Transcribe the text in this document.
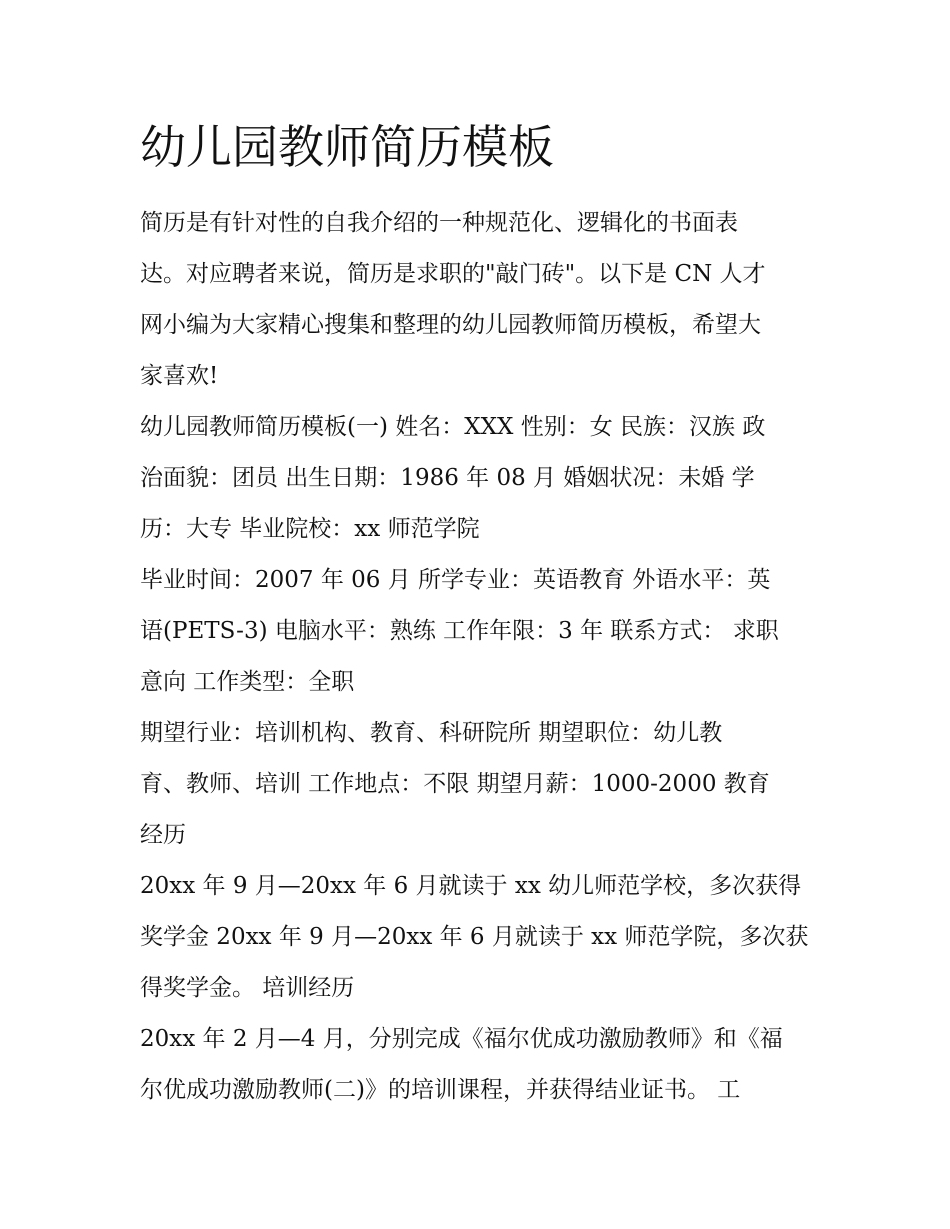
幼儿园教师简历模板
简历是有针对性的自我介绍的一种规范化、逻辑化的书面表
达。对应聘者来说，简历是求职的"敲门砖"。以下是 CN 人才
网小编为大家精心搜集和整理的幼儿园教师简历模板，希望大
家喜欢!
幼儿园教师简历模板(一) 姓名：XXX 性别：女 民族：汉族 政
治面貌：团员 出生日期：1986 年 08 月 婚姻状况：未婚 学
历：大专 毕业院校：xx 师范学院
毕业时间：2007 年 06 月 所学专业：英语教育 外语水平：英
语(PETS-3) 电脑水平：熟练 工作年限：3 年 联系方式： 求职
意向 工作类型：全职
期望行业：培训机构、教育、科研院所 期望职位：幼儿教
育、教师、培训 工作地点：不限 期望月薪：1000-2000 教育
经历
20xx 年 9 月—20xx 年 6 月就读于 xx 幼儿师范学校，多次获得
奖学金 20xx 年 9 月—20xx 年 6 月就读于 xx 师范学院，多次获
得奖学金。 培训经历
20xx 年 2 月—4 月，分别完成《福尔优成功激励教师》和《福
尔优成功激励教师(二)》的培训课程，并获得结业证书。 工
